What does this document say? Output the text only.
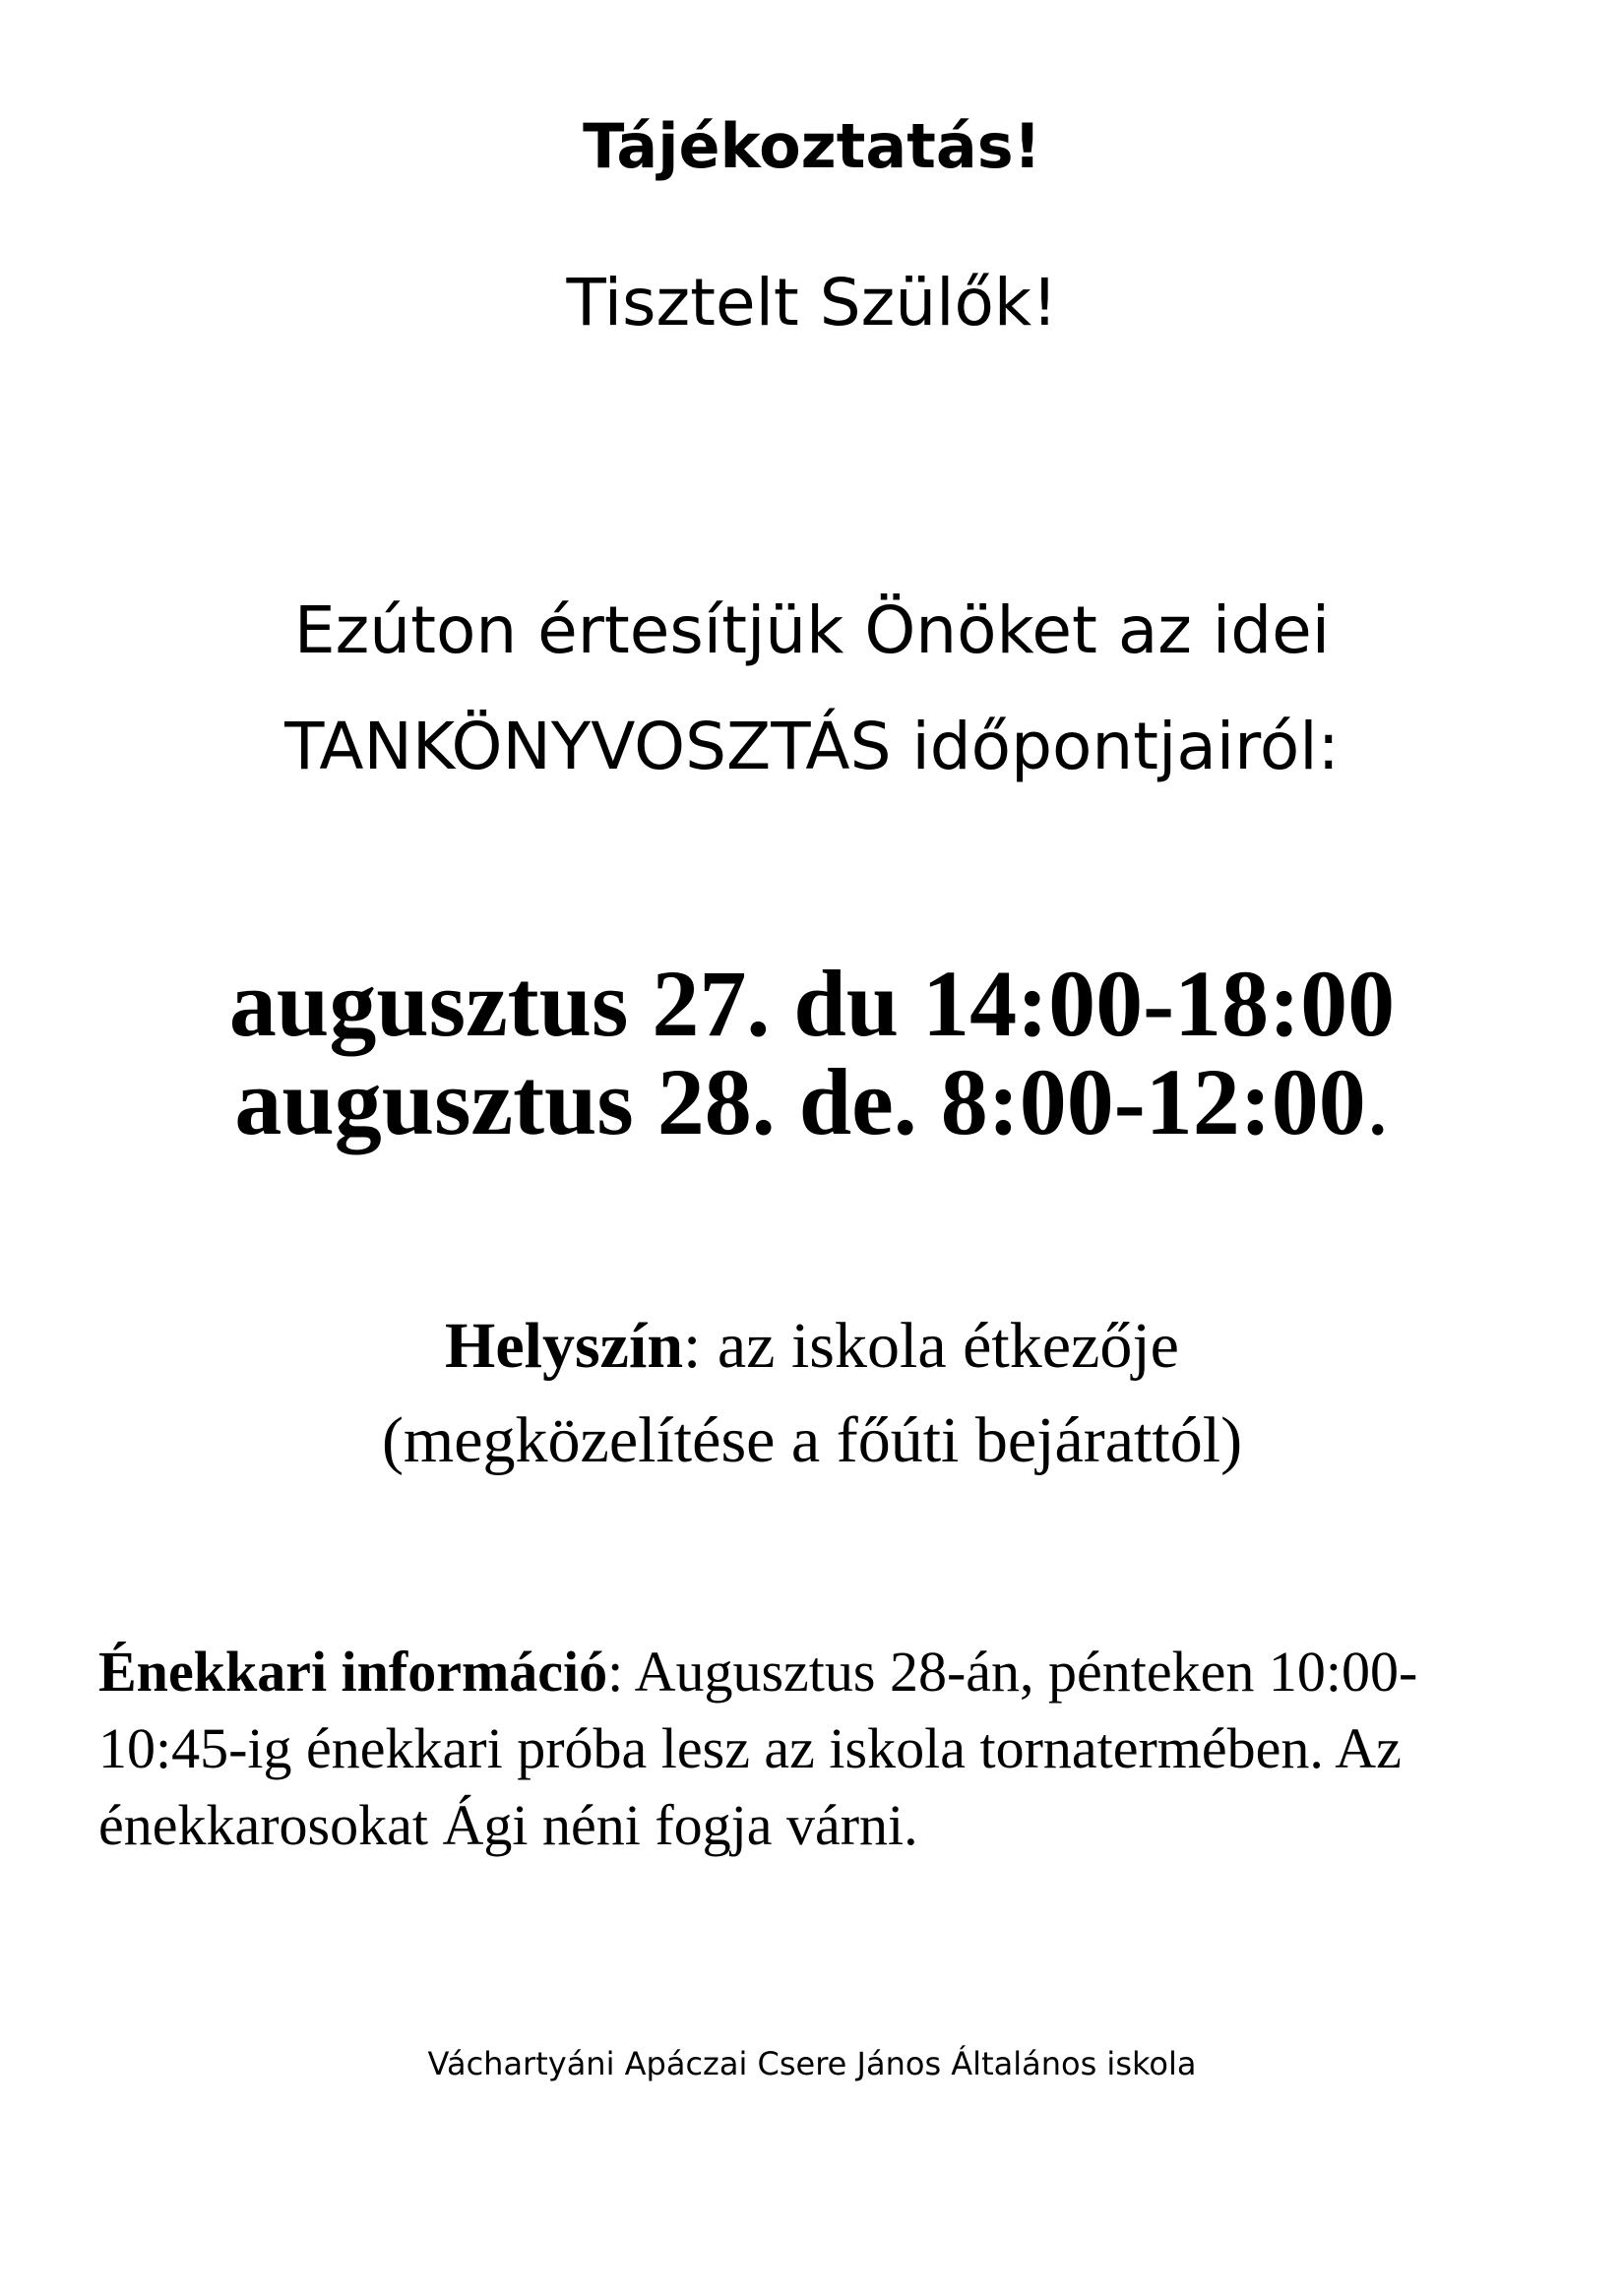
Tájékoztatás!
Tisztelt Szülők!
Ezúton értesítjük Önöket az idei
TANKÖNYVOSZTÁS időpontjairól:
augusztus 27. du 14:00-18:00
augusztus 28. de. 8:00-12:00.
Helyszín: az iskola étkezője
(megközelítése a főúti bejárattól)
Énekkari információ: Augusztus 28-án, pénteken 10:00-10:45-ig énekkari próba lesz az iskola tornatermében. Az énekkarosokat Ági néni fogja várni.
Váchartyáni Apáczai Csere János Általános iskola
